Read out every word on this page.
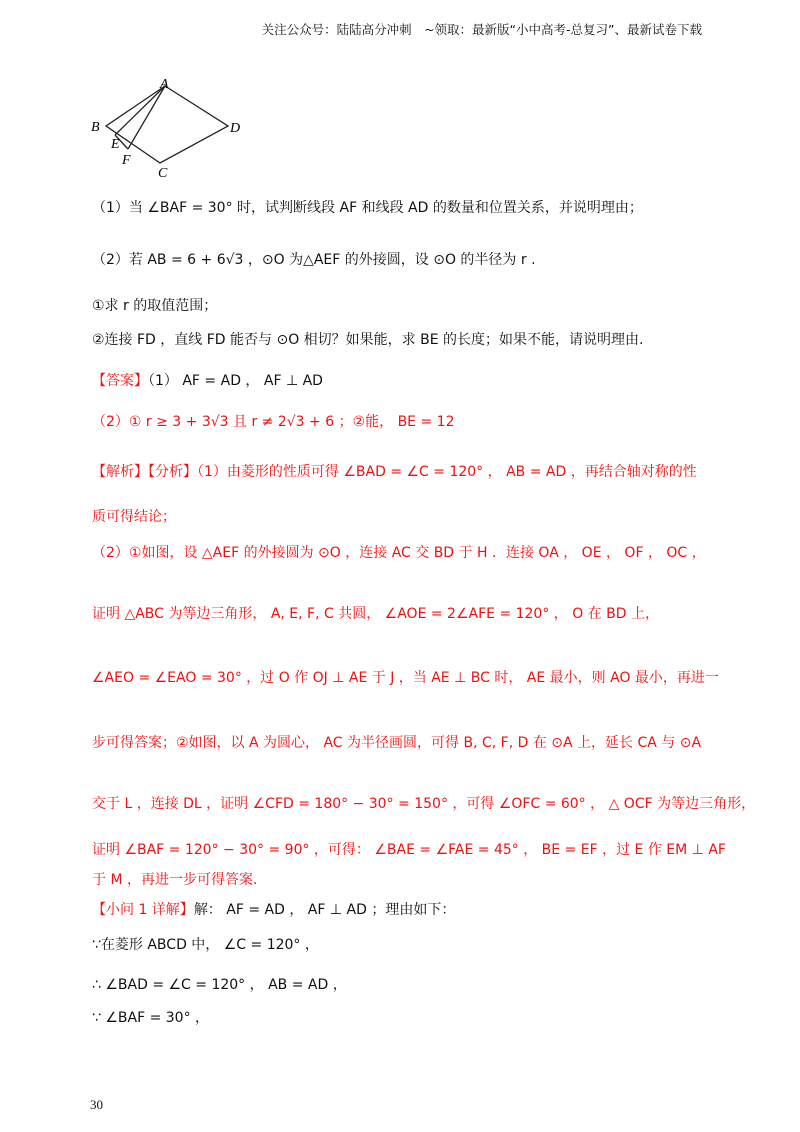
关注公众号：陆陆高分冲刺　~领取：最新版“小中高考-总复习”、最新试卷下载
A
B	D
C
E
F
（1）当 ∠BAF = 30° 时，试判断线段 AF 和线段 AD 的数量和位置关系，并说明理由；
（2）若 AB = 6 + 6√3 ，⊙O 为△AEF 的外接圆，设 ⊙O 的半径为 r .
①求 r 的取值范围；
②连接 FD ，直线 FD 能否与 ⊙O 相切？如果能，求 BE 的长度；如果不能，请说明理由.
【答案】（1） AF = AD ， AF ⊥ AD
（2）① r ≥ 3 + 3√3 且 r ≠ 2√3 + 6 ；②能， BE = 12
【解析】【分析】（1）由菱形的性质可得 ∠BAD = ∠C = 120° ， AB = AD ，再结合轴对称的性
质可得结论；
（2）①如图，设 △AEF 的外接圆为 ⊙O ，连接 AC 交 BD 于 H ．连接 OA ， OE ， OF ， OC ，
证明 △ABC 为等边三角形， A, E, F, C 共圆， ∠AOE = 2∠AFE = 120° ， O 在 BD 上，
∠AEO = ∠EAO = 30° ，过 O 作 OJ ⊥ AE 于 J ，当 AE ⊥ BC 时， AE 最小，则 AO 最小，再进一
步可得答案；②如图，以 A 为圆心， AC 为半径画圆，可得 B, C, F, D 在 ⊙A 上，延长 CA 与 ⊙A
交于 L ，连接 DL ，证明 ∠CFD = 180° − 30° = 150° ，可得 ∠OFC = 60° ， △ OCF 为等边三角形，
证明 ∠BAF = 120° − 30° = 90° ，可得： ∠BAE = ∠FAE = 45° ， BE = EF ，过 E 作 EM ⊥ AF
于 M ，再进一步可得答案．
【小问 1 详解】解： AF = AD ， AF ⊥ AD ；理由如下：
∵在菱形 ABCD 中， ∠C = 120° ，
∴ ∠BAD = ∠C = 120° ， AB = AD ，
∵ ∠BAF = 30° ，
30
